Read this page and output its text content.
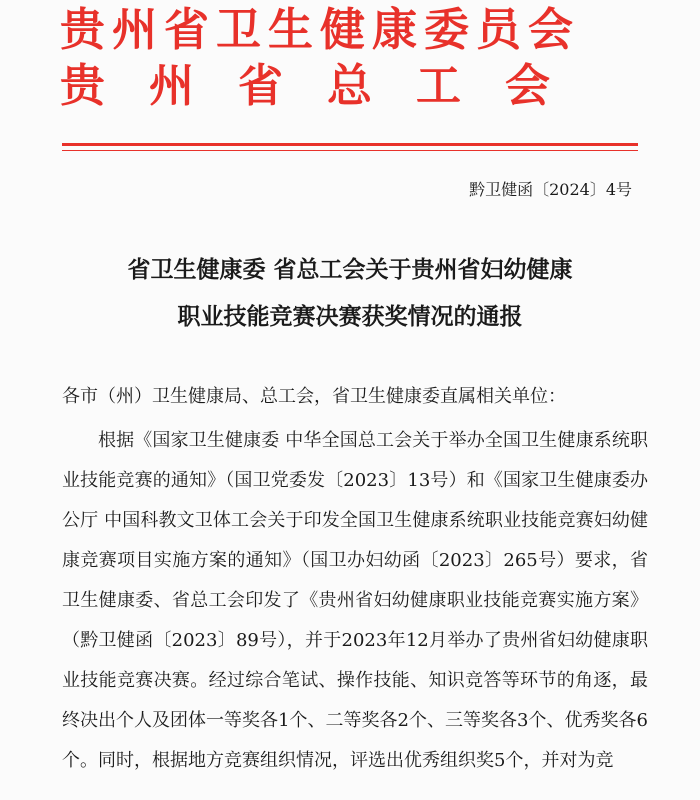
贵州省卫生健康委员会
贵州省总工会
黔卫健函〔2024〕4号
省卫生健康委 省总工会关于贵州省妇幼健康
职业技能竞赛决赛获奖情况的通报
各市（州）卫生健康局、总工会，省卫生健康委直属相关单位：
根据《国家卫生健康委 中华全国总工会关于举办全国卫生健康系统职业技能竞赛的通知》（国卫党委发〔2023〕13号）和《国家卫生健康委办公厅 中国科教文卫体工会关于印发全国卫生健康系统职业技能竞赛妇幼健康竞赛项目实施方案的通知》（国卫办妇幼函〔2023〕265号）要求，省卫生健康委、省总工会印发了《贵州省妇幼健康职业技能竞赛实施方案》（黔卫健函〔2023〕89号），并于2023年12月举办了贵州省妇幼健康职业技能竞赛决赛。经过综合笔试、操作技能、知识竞答等环节的角逐，最终决出个人及团体一等奖各1个、二等奖各2个、三等奖各3个、优秀奖各6个。同时，根据地方竞赛组织情况，评选出优秀组织奖5个，并对为竞
